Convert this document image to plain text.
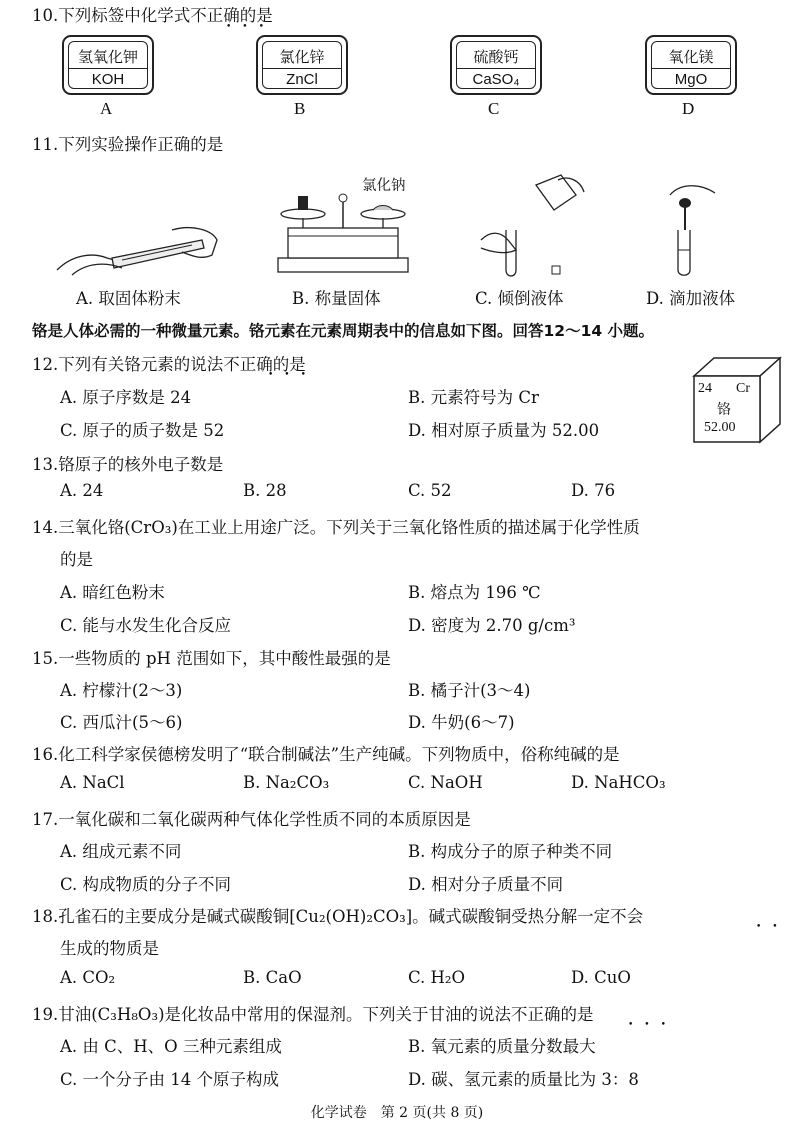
10.下列标签中化学式不正确的是
•••
氢氧化钾
KOH
氯化锌
ZnCl
硫酸钙
CaSO₄
氧化镁
MgO
A	B	C	D
11.下列实验操作正确的是
氯化钠
A. 取固体粉末	B. 称量固体	C. 倾倒液体	D. 滴加液体
铬是人体必需的一种微量元素。铬元素在元素周期表中的信息如下图。回答12～14 小题。
12.下列有关铬元素的说法不正确的是
•••
A. 原子序数是 24	B. 元素符号为 Cr
C. 原子的质子数是 52	D. 相对原子质量为 52.00
24 Cr
铬
52.00
13.铬原子的核外电子数是
A. 24	B. 28	C. 52	D. 76
14.三氧化铬(CrO₃)在工业上用途广泛。下列关于三氧化铬性质的描述属于化学性质
的是
A. 暗红色粉末	B. 熔点为 196 ℃
C. 能与水发生化合反应	D. 密度为 2.70 g/cm³
15.一些物质的 pH 范围如下，其中酸性最强的是
A. 柠檬汁(2～3)	B. 橘子汁(3～4)
C. 西瓜汁(5～6)	D. 牛奶(6～7)
16.化工科学家侯德榜发明了“联合制碱法”生产纯碱。下列物质中，俗称纯碱的是
A. NaCl	B. Na₂CO₃	C. NaOH	D. NaHCO₃
17.一氧化碳和二氧化碳两种气体化学性质不同的本质原因是
A. 组成元素不同	B. 构成分子的原子种类不同
C. 构成物质的分子不同	D. 相对分子质量不同
18.孔雀石的主要成分是碱式碳酸铜[Cu₂(OH)₂CO₃]。碱式碳酸铜受热分解一定不会
••
生成的物质是
A. CO₂	B. CaO	C. H₂O	D. CuO
19.甘油(C₃H₈O₃)是化妆品中常用的保湿剂。下列关于甘油的说法不正确的是
•••
A. 由 C、H、O 三种元素组成	B. 氧元素的质量分数最大
C. 一个分子由 14 个原子构成	D. 碳、氢元素的质量比为 3：8
化学试卷　第 2 页(共 8 页)
